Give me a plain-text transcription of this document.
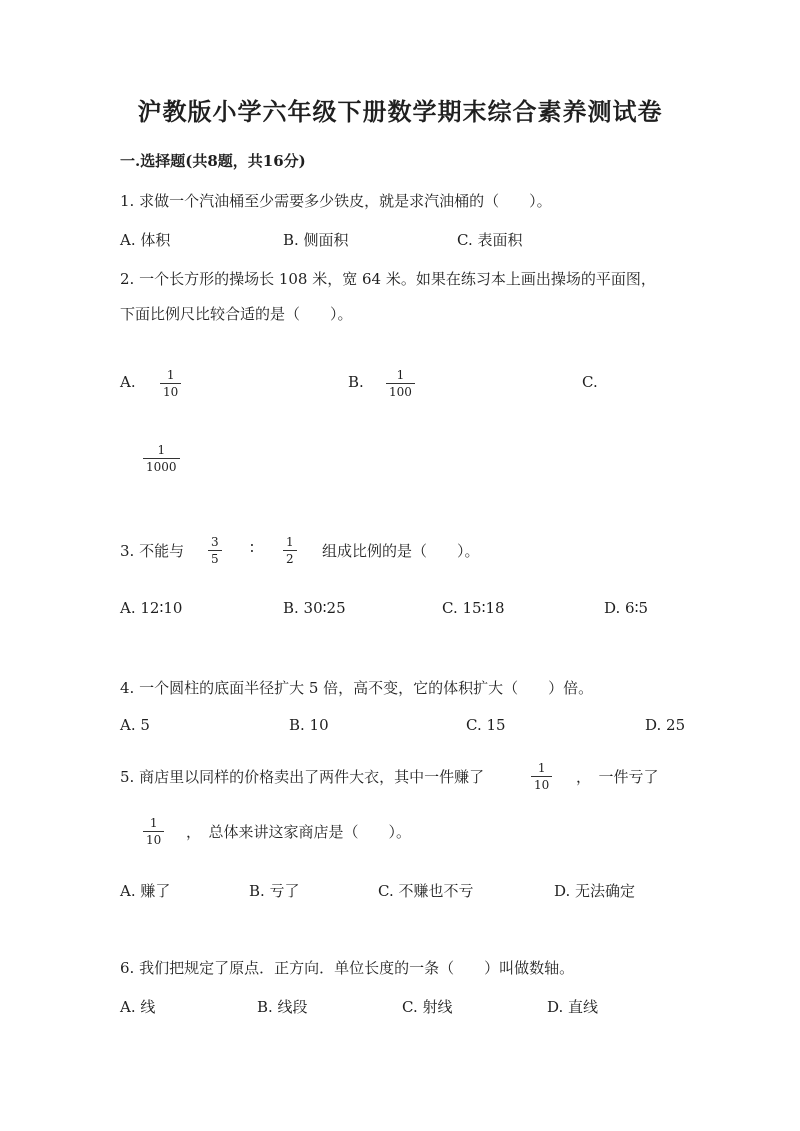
沪教版小学六年级下册数学期末综合素养测试卷
一.选择题(共8题，共16分)
1. 求做一个汽油桶至少需要多少铁皮，就是求汽油桶的（　　）。
A. 体积	B. 侧面积	C. 表面积
2. 一个长方形的操场长 108 米，宽 64 米。如果在练习本上画出操场的平面图，
下面比例尺比较合适的是（　　）。
A.	1
10
B.	1
100
C.
1
1000
3. 不能与 3
5
∶	1
2 组成比例的是（　　）。
A. 12∶10	B. 30∶25	C. 15∶18	D. 6∶5
4. 一个圆柱的底面半径扩大 5 倍，高不变，它的体积扩大（　　）倍。
A. 5	B. 10	C. 15	D. 25
5. 商店里以同样的价格卖出了两件大衣，其中一件赚了	1
10 ，　一件亏了
1
10 ，　总体来讲这家商店是（　　）。
A. 赚了	B. 亏了	C. 不赚也不亏	D. 无法确定
6. 我们把规定了原点．正方向．单位长度的一条（　　）叫做数轴。
A. 线	B. 线段	C. 射线	D. 直线
